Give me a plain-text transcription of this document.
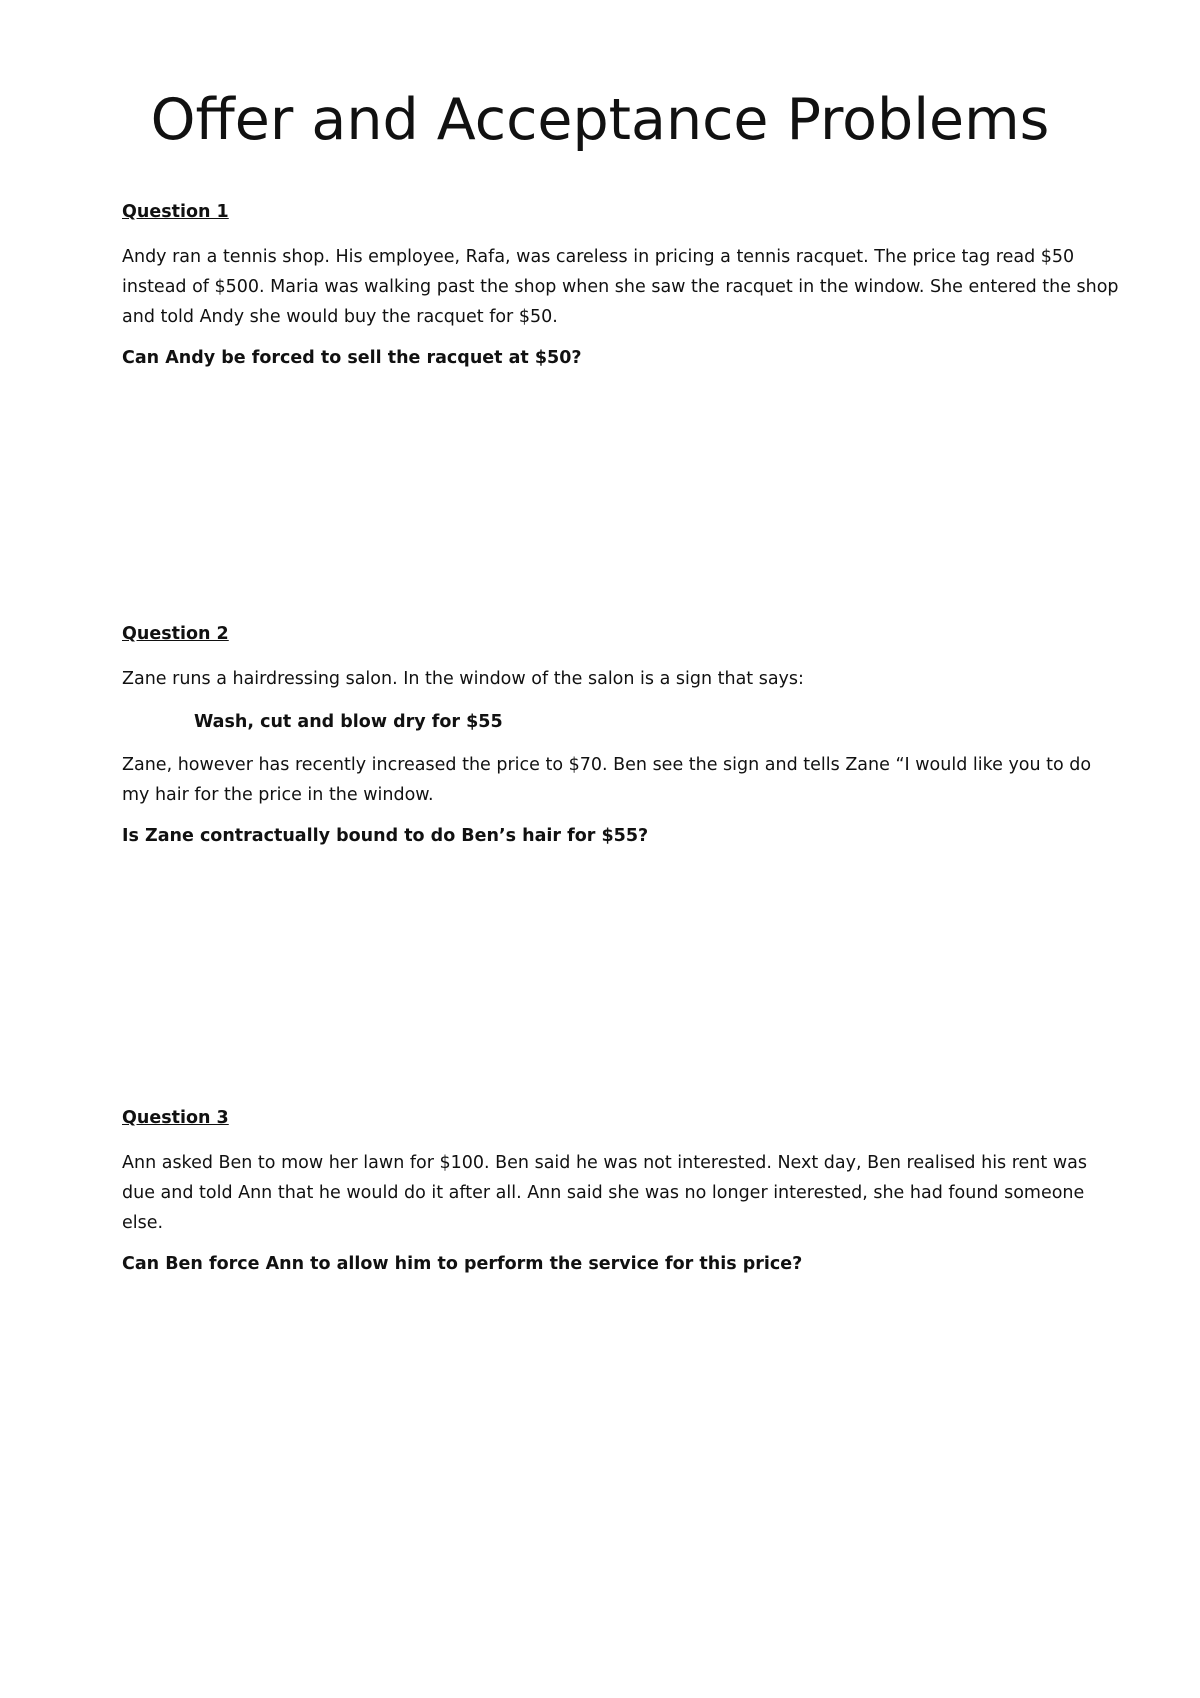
Offer and Acceptance Problems

Question 1

Andy ran a tennis shop. His employee, Rafa, was careless in pricing a tennis racquet. The price tag read $50 instead of $500. Maria was walking past the shop when she saw the racquet in the window. She entered the shop and told Andy she would buy the racquet for $50.

Can Andy be forced to sell the racquet at $50?

Question 2

Zane runs a hairdressing salon. In the window of the salon is a sign that says:

Wash, cut and blow dry for $55

Zane, however has recently increased the price to $70. Ben see the sign and tells Zane “I would like you to do my hair for the price in the window.

Is Zane contractually bound to do Ben’s hair for $55?

Question 3

Ann asked Ben to mow her lawn for $100. Ben said he was not interested. Next day, Ben realised his rent was due and told Ann that he would do it after all. Ann said she was no longer interested, she had found someone else.

Can Ben force Ann to allow him to perform the service for this price?
